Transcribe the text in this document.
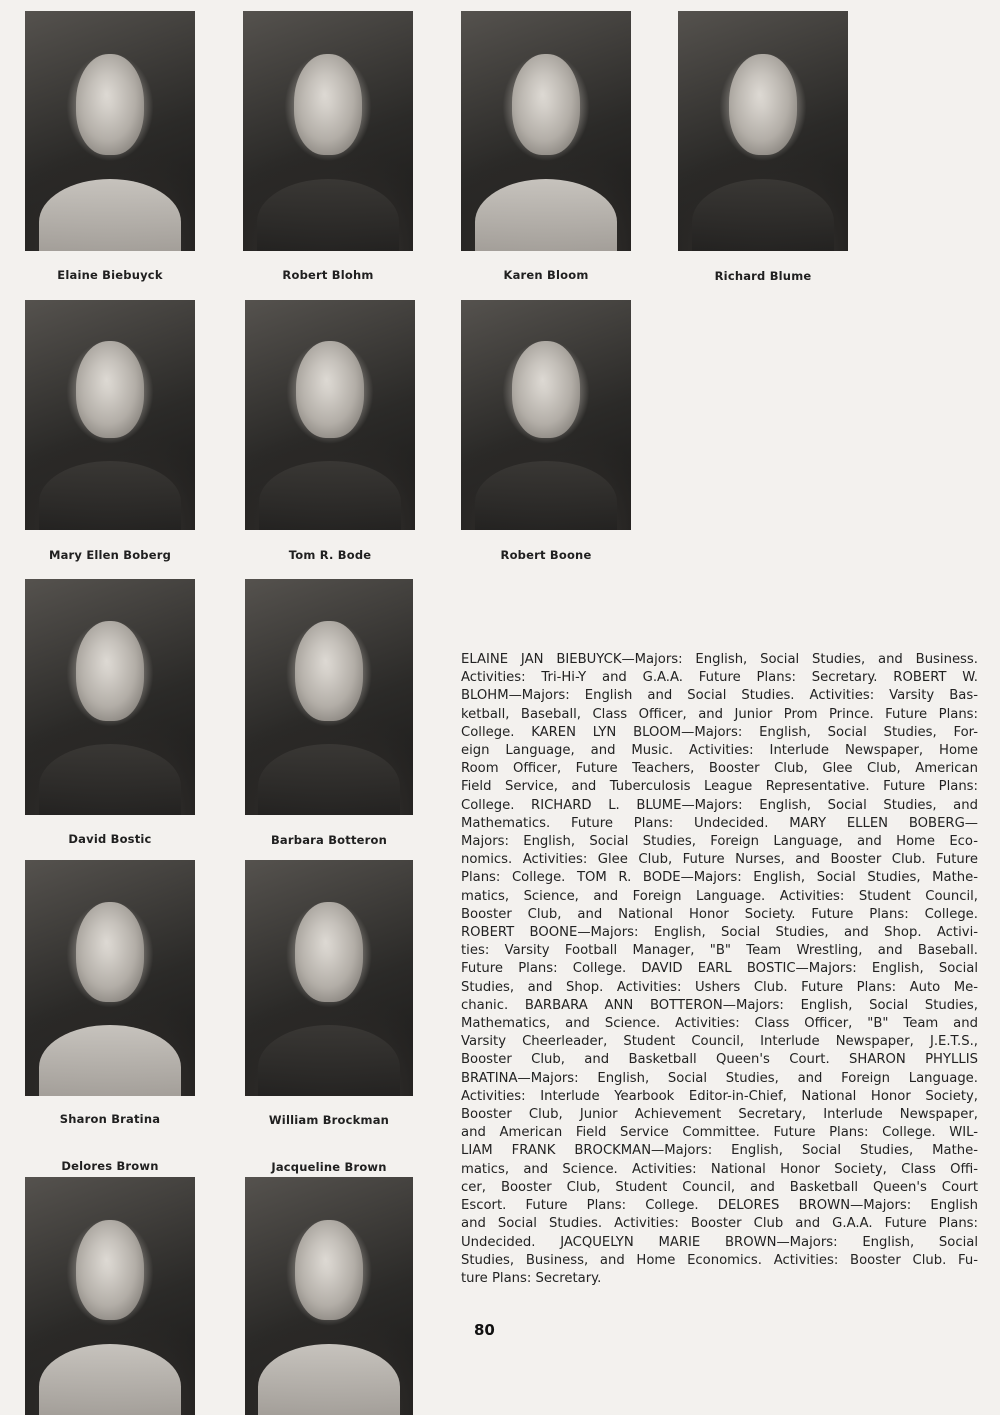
Elaine Biebuyck	Robert Blohm	Karen Bloom	Richard Blume
Mary Ellen Boberg	Tom R. Bode	Robert Boone
David Bostic	Barbara Botteron
Sharon Bratina	William Brockman
Delores Brown	Jacqueline Brown
ELAINE JAN BIEBUYCK—Majors: English, Social Studies, and Business.
Activities: Tri-Hi-Y and G.A.A. Future Plans: Secretary. ROBERT W.
BLOHM—Majors: English and Social Studies. Activities: Varsity Bas-
ketball, Baseball, Class Officer, and Junior Prom Prince. Future Plans:
College. KAREN LYN BLOOM—Majors: English, Social Studies, For-
eign Language, and Music. Activities: Interlude Newspaper, Home
Room Officer, Future Teachers, Booster Club, Glee Club, American
Field Service, and Tuberculosis League Representative. Future Plans:
College. RICHARD L. BLUME—Majors: English, Social Studies, and
Mathematics. Future Plans: Undecided. MARY ELLEN BOBERG—
Majors: English, Social Studies, Foreign Language, and Home Eco-
nomics. Activities: Glee Club, Future Nurses, and Booster Club. Future
Plans: College. TOM R. BODE—Majors: English, Social Studies, Mathe-
matics, Science, and Foreign Language. Activities: Student Council,
Booster Club, and National Honor Society. Future Plans: College.
ROBERT BOONE—Majors: English, Social Studies, and Shop. Activi-
ties: Varsity Football Manager, "B" Team Wrestling, and Baseball.
Future Plans: College. DAVID EARL BOSTIC—Majors: English, Social
Studies, and Shop. Activities: Ushers Club. Future Plans: Auto Me-
chanic. BARBARA ANN BOTTERON—Majors: English, Social Studies,
Mathematics, and Science. Activities: Class Officer, "B" Team and
Varsity Cheerleader, Student Council, Interlude Newspaper, J.E.T.S.,
Booster Club, and Basketball Queen's Court. SHARON PHYLLIS
BRATINA—Majors: English, Social Studies, and Foreign Language.
Activities: Interlude Yearbook Editor-in-Chief, National Honor Society,
Booster Club, Junior Achievement Secretary, Interlude Newspaper,
and American Field Service Committee. Future Plans: College. WIL-
LIAM FRANK BROCKMAN—Majors: English, Social Studies, Mathe-
matics, and Science. Activities: National Honor Society, Class Offi-
cer, Booster Club, Student Council, and Basketball Queen's Court
Escort. Future Plans: College. DELORES BROWN—Majors: English
and Social Studies. Activities: Booster Club and G.A.A. Future Plans:
Undecided. JACQUELYN MARIE BROWN—Majors: English, Social
Studies, Business, and Home Economics. Activities: Booster Club. Fu-
ture Plans: Secretary.
80
